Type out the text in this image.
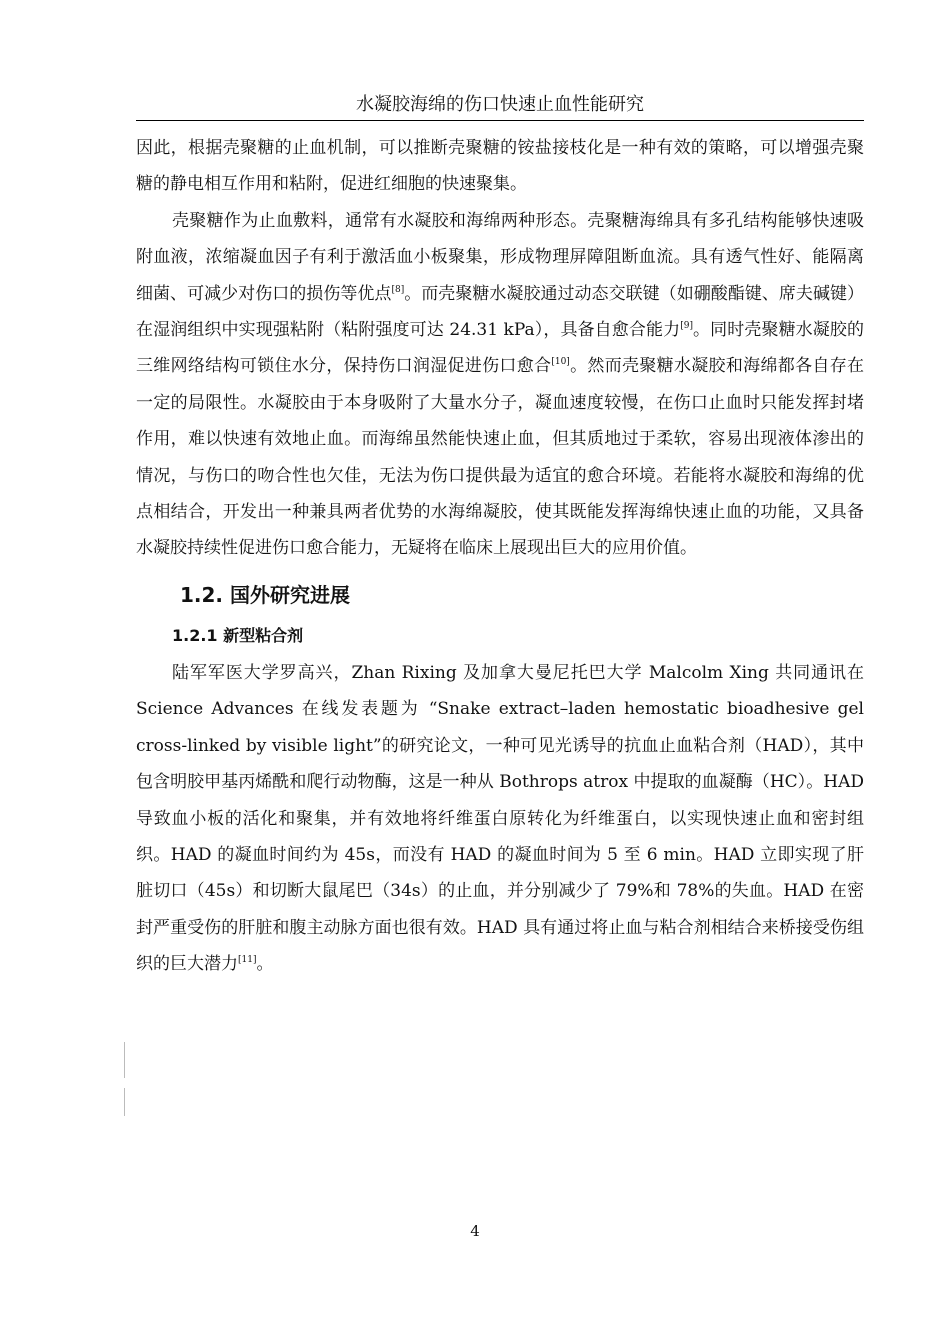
水凝胶海绵的伤口快速止血性能研究

因此，根据壳聚糖的止血机制，可以推断壳聚糖的铵盐接枝化是一种有效的策略，可以增强壳聚糖的静电相互作用和粘附，促进红细胞的快速聚集。

壳聚糖作为止血敷料，通常有水凝胶和海绵两种形态。壳聚糖海绵具有多孔结构能够快速吸附血液，浓缩凝血因子有利于激活血小板聚集，形成物理屏障阻断血流。具有透气性好、能隔离细菌、可减少对伤口的损伤等优点[8]。而壳聚糖水凝胶通过动态交联键（如硼酸酯键、席夫碱键）在湿润组织中实现强粘附（粘附强度可达 24.31 kPa），具备自愈合能力[9]。同时壳聚糖水凝胶的三维网络结构可锁住水分，保持伤口润湿促进伤口愈合[10]。然而壳聚糖水凝胶和海绵都各自存在一定的局限性。水凝胶由于本身吸附了大量水分子，凝血速度较慢，在伤口止血时只能发挥封堵作用，难以快速有效地止血。而海绵虽然能快速止血，但其质地过于柔软，容易出现液体渗出的情况，与伤口的吻合性也欠佳，无法为伤口提供最为适宜的愈合环境。若能将水凝胶和海绵的优点相结合，开发出一种兼具两者优势的水海绵凝胶，使其既能发挥海绵快速止血的功能，又具备水凝胶持续性促进伤口愈合能力，无疑将在临床上展现出巨大的应用价值。

1.2. 国外研究进展
1.2.1 新型粘合剂

陆军军医大学罗高兴，Zhan Rixing 及加拿大曼尼托巴大学 Malcolm Xing 共同通讯在 Science Advances 在线发表题为 “Snake extract–laden hemostatic bioadhesive gel cross-linked by visible light”的研究论文，一种可见光诱导的抗血止血粘合剂（HAD），其中包含明胶甲基丙烯酰和爬行动物酶，这是一种从 Bothrops atrox 中提取的血凝酶（HC）。HAD 导致血小板的活化和聚集，并有效地将纤维蛋白原转化为纤维蛋白，以实现快速止血和密封组织。HAD 的凝血时间约为 45s，而没有 HAD 的凝血时间为 5 至 6 min。HAD 立即实现了肝脏切口（45s）和切断大鼠尾巴（34s）的止血，并分别减少了 79%和 78%的失血。HAD 在密封严重受伤的肝脏和腹主动脉方面也很有效。HAD 具有通过将止血与粘合剂相结合来桥接受伤组织的巨大潜力[11]。

4
